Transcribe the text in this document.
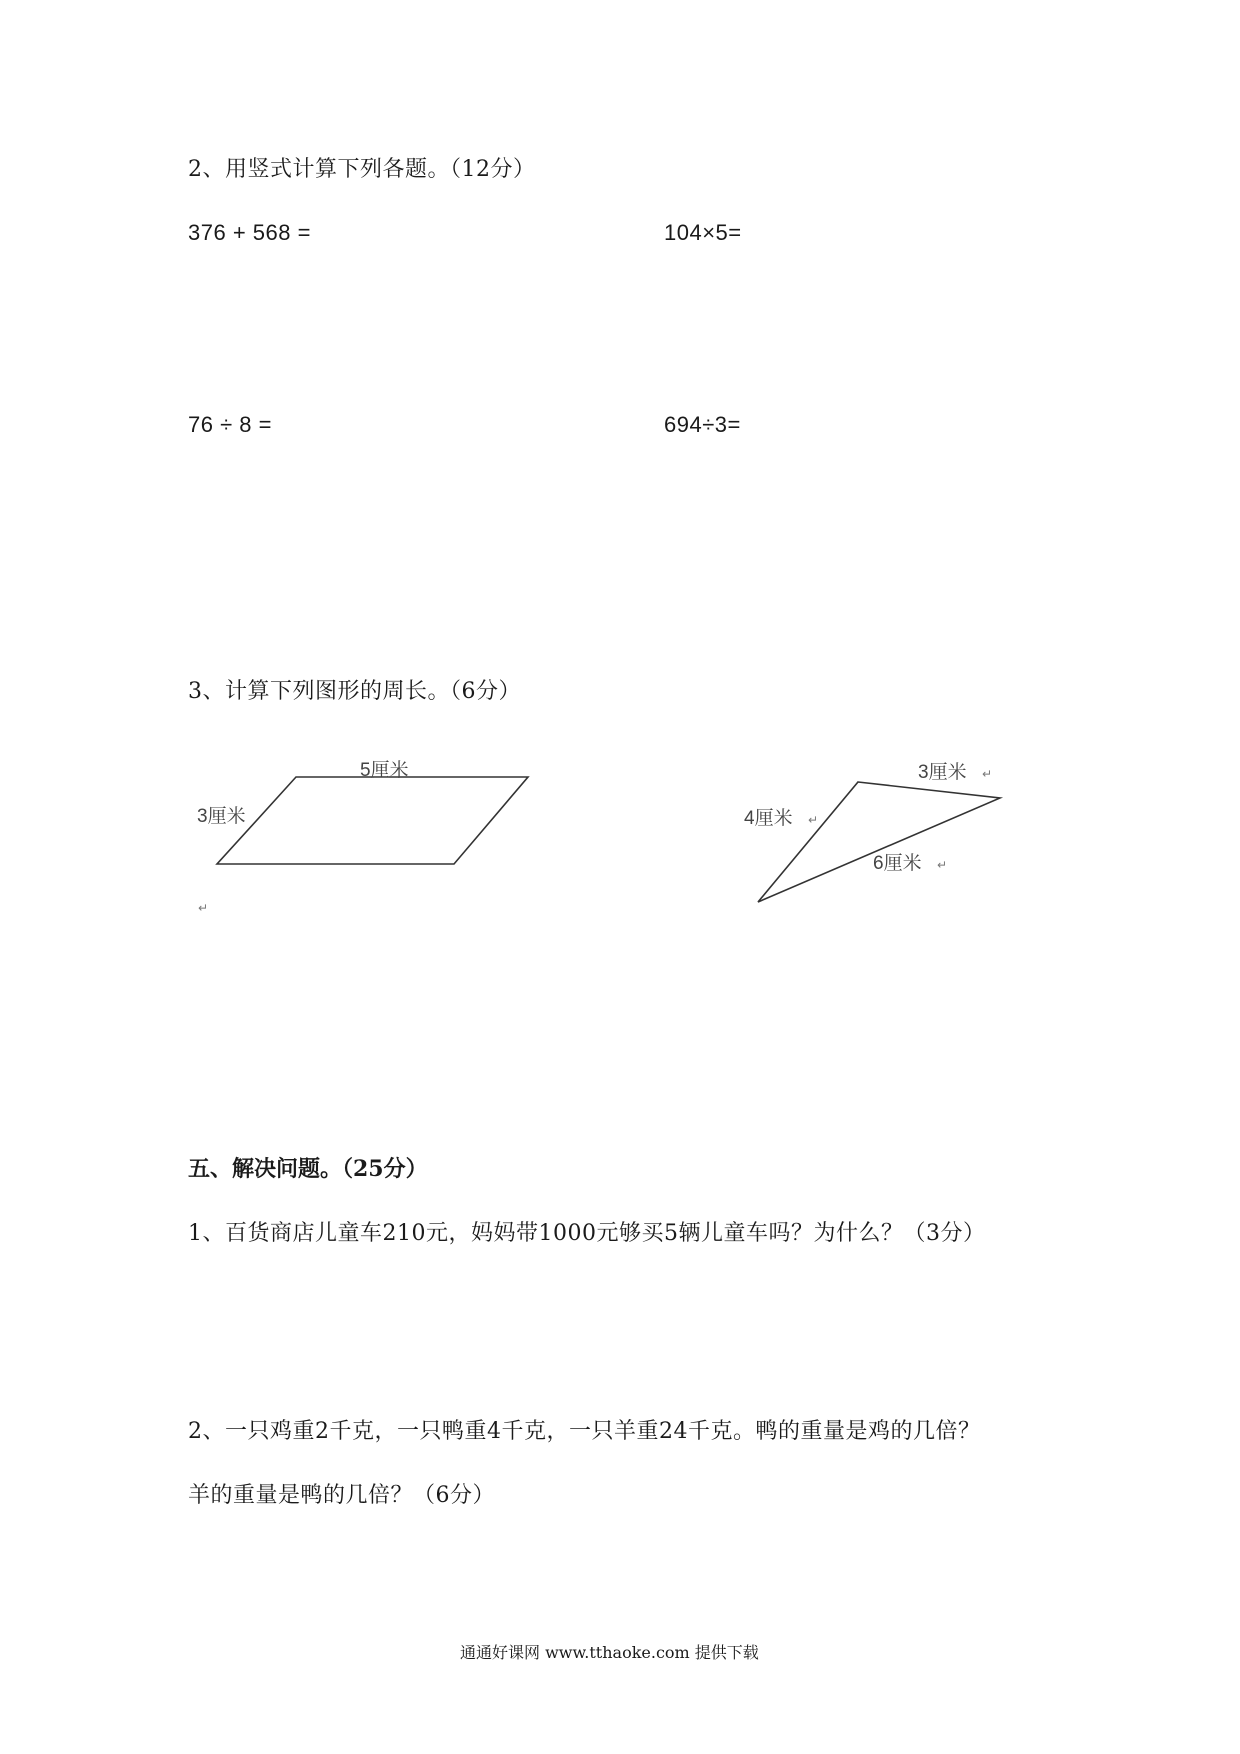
2、用竖式计算下列各题。（12分）
376 + 568 =	104×5=
76 ÷ 8 =	694÷3=
3、计算下列图形的周长。（6分）
5厘米
3厘米
↵
3厘米 ↵
4厘米 ↵
6厘米 ↵
五、解决问题。（25分）
1、百货商店儿童车210元，妈妈带1000元够买5辆儿童车吗？为什么？（3分）
2、一只鸡重2千克，一只鸭重4千克，一只羊重24千克。鸭的重量是鸡的几倍？
羊的重量是鸭的几倍？（6分）
通通好课网 www.tthaoke.com 提供下载
